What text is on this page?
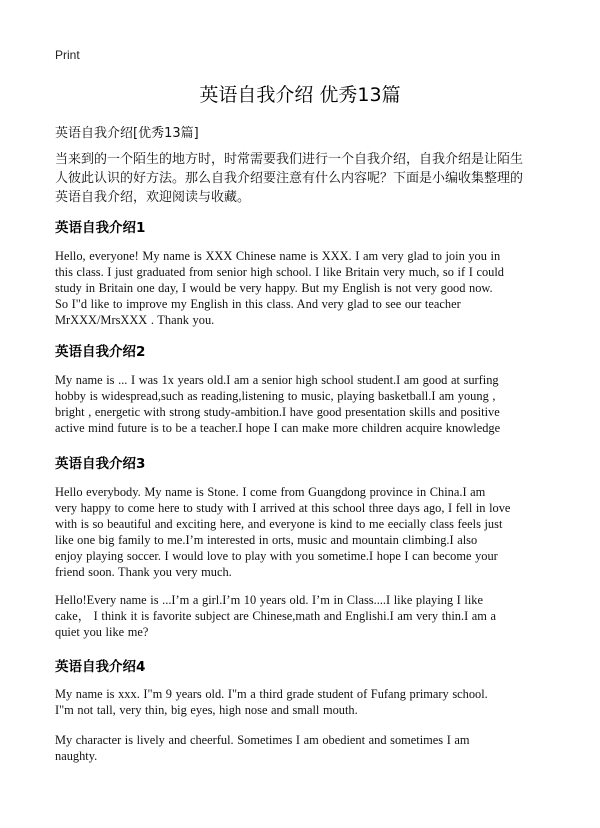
Print
英语自我介绍 优秀13篇
英语自我介绍[优秀13篇]
当来到的一个陌生的地方时，时常需要我们进行一个自我介绍，自我介绍是让陌生
人彼此认识的好方法。那么自我介绍要注意有什么内容呢？下面是小编收集整理的
英语自我介绍，欢迎阅读与收藏。
英语自我介绍1
Hello, everyone! My name is XXX Chinese name is XXX. I am very glad to join you in
this class. I just graduated from senior high school. I like Britain very much, so if I could
study in Britain one day, I would be very happy. But my English is not very good now.
So I"d like to improve my English in this class. And very glad to see our teacher
MrXXX/MrsXXX . Thank you.
英语自我介绍2
My name is ... I was 1x years old.I am a senior high school student.I am good at surfing
hobby is widespread,such as reading,listening to music, playing basketball.I am young ,
bright , energetic with strong study-ambition.I have good presentation skills and positive
active mind future is to be a teacher.I hope I can make more children acquire knowledge
英语自我介绍3
Hello everybody. My name is Stone. I come from Guangdong province in China.I am
very happy to come here to study with I arrived at this school three days ago, I fell in love
with is so beautiful and exciting here, and everyone is kind to me eecially class feels just
like one big family to me.I’m interested in orts, music and mountain climbing.I also
enjoy playing soccer. I would love to play with you sometime.I hope I can become your
friend soon. Thank you very much.
Hello!Every name is ...I’m a girl.I’m 10 years old. I’m in Class....I like playing I like
cake， I think it is favorite subject are Chinese,math and Englishi.I am very thin.I am a
quiet you like me?
英语自我介绍4
My name is xxx. I"m 9 years old. I"m a third grade student of Fufang primary school.
I"m not tall, very thin, big eyes, high nose and small mouth.
My character is lively and cheerful. Sometimes I am obedient and sometimes I am
naughty.
